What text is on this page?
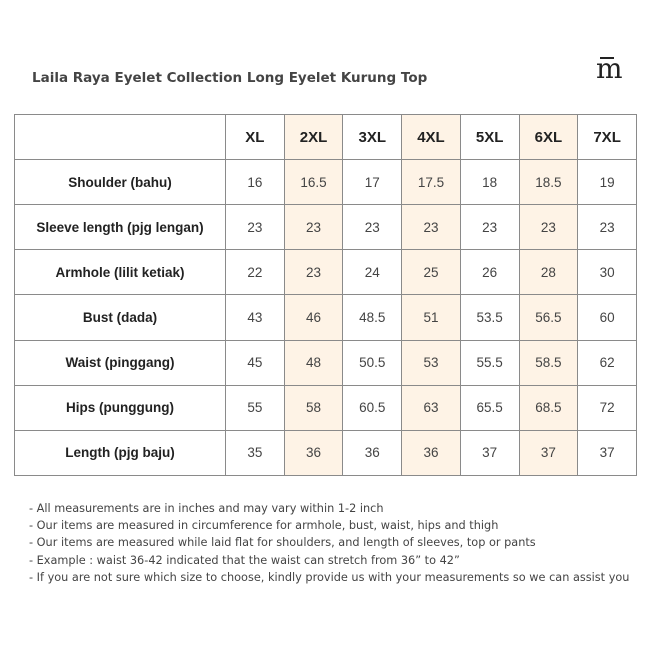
Laila Raya Eyelet Collection Long Eyelet Kurung Top	m
	XL	2XL	3XL	4XL	5XL	6XL	7XL
Shoulder (bahu)	16	16.5	17	17.5	18	18.5	19
Sleeve length (pjg lengan)	23	23	23	23	23	23	23
Armhole (lilit ketiak)	22	23	24	25	26	28	30
Bust (dada)	43	46	48.5	51	53.5	56.5	60
Waist (pinggang)	45	48	50.5	53	55.5	58.5	62
Hips (punggung)	55	58	60.5	63	65.5	68.5	72
Length (pjg baju)	35	36	36	36	37	37	37
- All measurements are in inches and may vary within 1-2 inch
- Our items are measured in circumference for armhole, bust, waist, hips and thigh
- Our items are measured while laid flat for shoulders, and length of sleeves, top or pants
- Example : waist 36-42 indicated that the waist can stretch from 36” to 42”
- If you are not sure which size to choose, kindly provide us with your measurements so we can assist you
